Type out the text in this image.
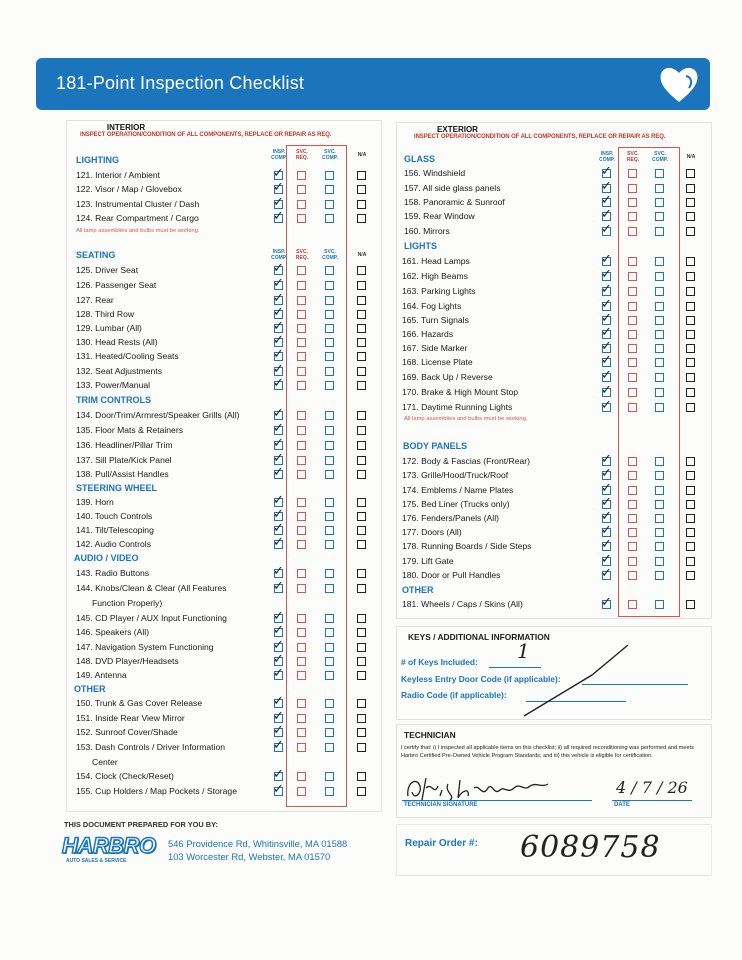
181-Point Inspection Checklist
INTERIOR
INSPECT OPERATION/CONDITION OF ALL COMPONENTS, REPLACE OR REPAIR AS REQ.
EXTERIOR
INSPECT OPERATION/CONDITION OF ALL COMPONENTS, REPLACE OR REPAIR AS REQ.
INSP.
COMP.
SVC.
REQ.
SVC.
COMP.	N/A
LIGHTING
121. Interior / Ambient	✓
122. Visor / Map / Glovebox	✓
123. Instrumental Cluster / Dash	✓
124. Rear Compartment / Cargo	✓
All lamp assemblies and bulbs must be working.
INSP.
COMP.
SVC.
REQ.
SVC.
COMP.	N/A
SEATING
125. Driver Seat	✓
126. Passenger Seat	✓
127. Rear	✓
128. Third Row	✓
129. Lumbar (All)	✓
130. Head Rests (All)	✓
131. Heated/Cooling Seats	✓
132. Seat Adjustments	✓
133. Power/Manual	✓
TRIM CONTROLS
134. Door/Trim/Armrest/Speaker Grills (All)	✓
135. Floor Mats & Retainers	✓
136. Headliner/Pillar Trim	✓
137. Sill Plate/Kick Panel	✓
138. Pull/Assist Handles	✓
STEERING WHEEL
139. Horn	✓
140. Touch Controls	✓
141. Tilt/Telescoping	✓
142. Audio Controls	✓
AUDIO / VIDEO
143. Radio Buttons	✓
144. Knobs/Clean & Clear (All Features	✓
Function Properly)
145. CD Player / AUX Input Functioning	✓
146. Speakers (All)	✓
147. Navigation System Functioning	✓
148. DVD Player/Headsets	✓
149. Antenna	✓
OTHER
150. Trunk & Gas Cover Release	✓
151. Inside Rear View Mirror	✓
152. Sunroof Cover/Shade	✓
153. Dash Controls / Driver Information	✓
Center
154. Clock (Check/Reset)	✓
155. Cup Holders / Map Pockets / Storage	✓
INSP.
COMP.
SVC.
REQ.
SVC.
COMP.	N/A
GLASS
156. Windshield	✓
157. All side glass panels	✓
158. Panoramic & Sunroof	✓
159. Rear Window	✓
160. Mirrors	✓
LIGHTS
161. Head Lamps	✓
162. High Beams	✓
163. Parking Lights	✓
164. Fog Lights	✓
165. Turn Signals	✓
166. Hazards	✓
167. Side Marker	✓
168. License Plate	✓
169. Back Up / Reverse	✓
170. Brake & High Mount Stop	✓
171. Daytime Running Lights	✓
All lamp assemblies and bulbs must be working.
BODY PANELS
172. Body & Fascias (Front/Rear)	✓
173. Grille/Hood/Truck/Roof	✓
174. Emblems / Name Plates	✓
175. Bed Liner (Trucks only)	✓
176. Fenders/Panels (All)	✓
177. Doors (All)	✓
178. Running Boards / Side Steps	✓
179. Lift Gate	✓
180. Door or Pull Handles	✓
OTHER
181. Wheels / Caps / Skins (All)	✓
KEYS / ADDITIONAL INFORMATION
# of Keys Included: 1
Keyless Entry Door Code (if applicable):
Radio Code (if applicable):
TECHNICIAN
I certify that: i) I inspected all applicable items on this checklist; ii) all required reconditioning was performed and meets Harbro Certified Pre-Owned Vehicle Program Standards; and iii) this vehicle is eligible for certification.
TECHNICIAN SIGNATURE	DATE
4 / 7 / 26
THIS DOCUMENT PREPARED FOR YOU BY:
HARBRO
AUTO SALES & SERVICE
546 Providence Rd, Whitinsville, MA 01588
103 Worcester Rd, Webster, MA 01570
Repair Order #: 6089758
